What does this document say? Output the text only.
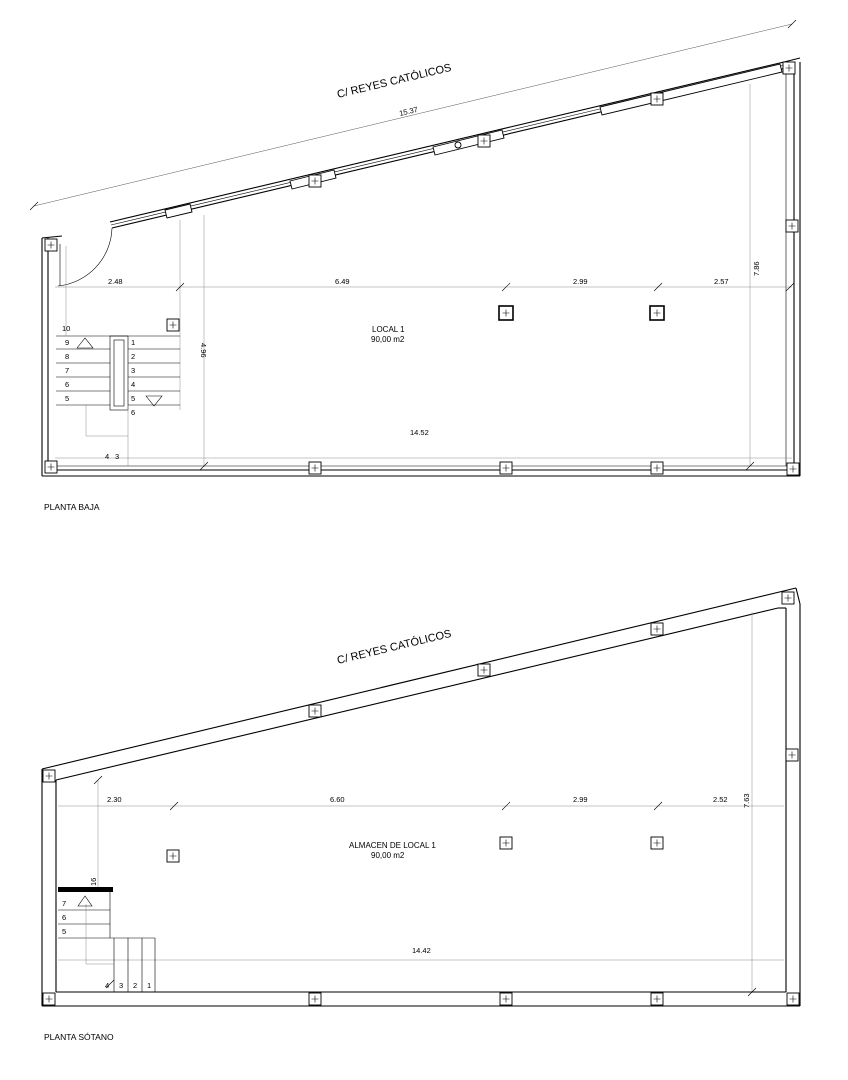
C/ REYES CATÓLICOS
15.37
2.48	6.49	2.99	2.57
14.52
7.86
4.96
LOCAL 1
90,00 m2
10
9
8
7
6
5
1
2
3
4
5
6
4 3
PLANTA BAJA
C/ REYES CATÓLICOS
2.30	6.60	2.99	2.52
14.42
7.63
16
ALMACEN DE LOCAL 1
90,00 m2
7
6
5
4 3 2 1
PLANTA SÓTANO
